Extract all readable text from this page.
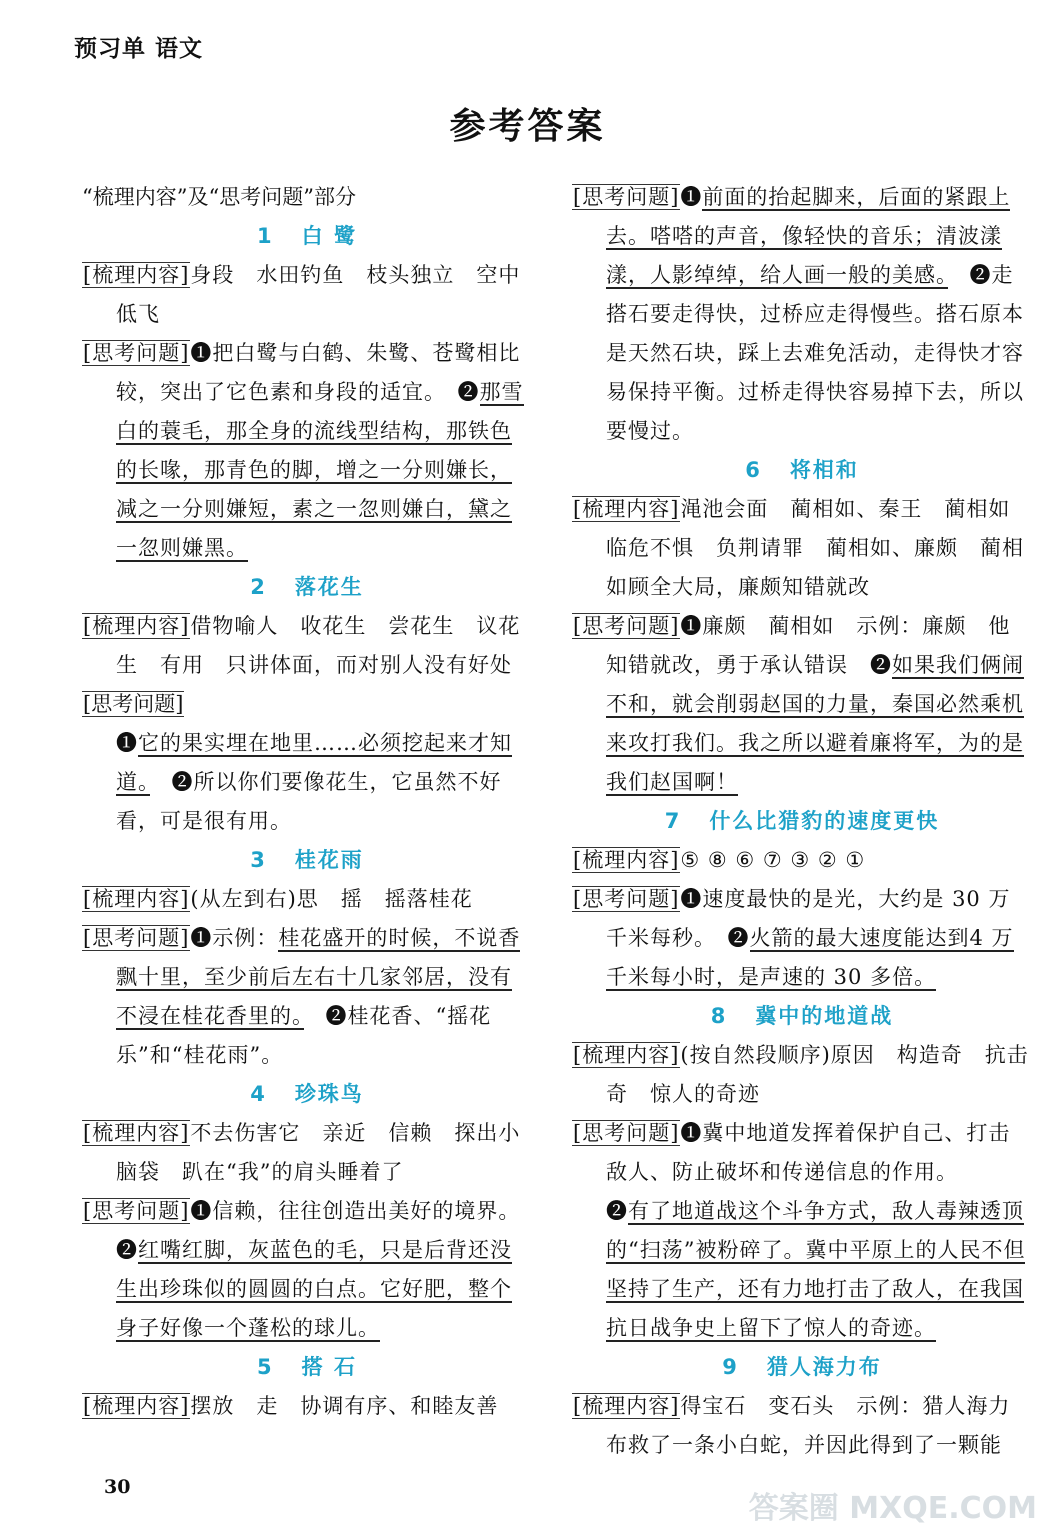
预习单 语文
参考答案
“梳理内容”及“思考问题”部分
1 白 鹭
[梳理内容]身段　水田钓鱼　枝头独立　空中低飞
[思考问题]❶把白鹭与白鹤、朱鹭、苍鹭相比较，突出了它色素和身段的适宜。　❷那雪白的蓑毛，那全身的流线型结构，那铁色的长喙，那青色的脚，增之一分则嫌长，减之一分则嫌短，素之一忽则嫌白，黛之一忽则嫌黑。
2 落花生
[梳理内容]借物喻人　收花生　尝花生　议花生　有用　只讲体面，而对别人没有好处
[思考问题]
❶它的果实埋在地里……必须挖起来才知道。　❷所以你们要像花生，它虽然不好看，可是很有用。
3 桂花雨
[梳理内容](从左到右)思　摇　摇落桂花
[思考问题]❶示例：桂花盛开的时候，不说香飘十里，至少前后左右十几家邻居，没有不浸在桂花香里的。　❷桂花香、“摇花乐”和“桂花雨”。
4 珍珠鸟
[梳理内容]不去伤害它　亲近　信赖　探出小脑袋　趴在“我”的肩头睡着了
[思考问题]❶信赖，往往创造出美好的境界。
❷红嘴红脚，灰蓝色的毛，只是后背还没生出珍珠似的圆圆的白点。它好肥，整个身子好像一个蓬松的球儿。
5 搭 石
[梳理内容]摆放　走　协调有序、和睦友善
[思考问题]❶前面的抬起脚来，后面的紧跟上去。嗒嗒的声音，像轻快的音乐；清波漾漾，人影绰绰，给人画一般的美感。　❷走搭石要走得快，过桥应走得慢些。搭石原本是天然石块，踩上去难免活动，走得快才容易保持平衡。过桥走得快容易掉下去，所以要慢过。
6 将相和
[梳理内容]渑池会面　蔺相如、秦王　蔺相如临危不惧　负荆请罪　蔺相如、廉颇　蔺相如顾全大局，廉颇知错就改
[思考问题]❶廉颇　蔺相如　示例：廉颇　他知错就改，勇于承认错误　❷如果我们俩闹不和，就会削弱赵国的力量，秦国必然乘机来攻打我们。我之所以避着廉将军，为的是我们赵国啊！
7 什么比猎豹的速度更快
[梳理内容]⑤ ⑧ ⑥ ⑦ ③ ② ①
[思考问题]❶速度最快的是光，大约是 30 万千米每秒。　❷火箭的最大速度能达到4 万千米每小时，是声速的 30 多倍。
8 冀中的地道战
[梳理内容](按自然段顺序)原因　构造奇　抗击奇　惊人的奇迹
[思考问题]❶冀中地道发挥着保护自己、打击敌人、防止破坏和传递信息的作用。
❷有了地道战这个斗争方式，敌人毒辣透顶的“扫荡”被粉碎了。冀中平原上的人民不但坚持了生产，还有力地打击了敌人，在我国抗日战争史上留下了惊人的奇迹。
9 猎人海力布
[梳理内容]得宝石　变石头　示例：猎人海力布救了一条小白蛇，并因此得到了一颗能
30
答案圈 MXQE.COM
